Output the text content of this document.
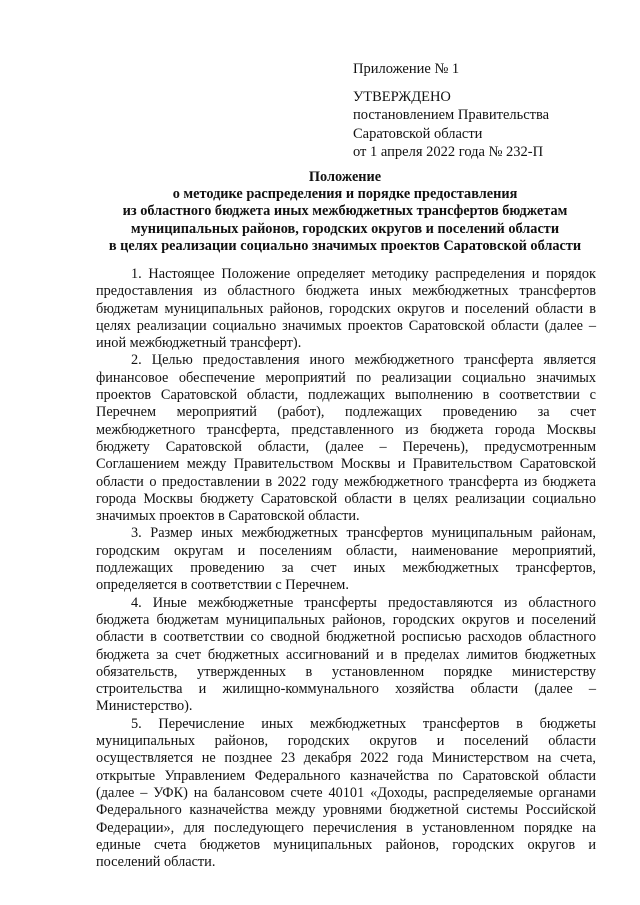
Приложение № 1
УТВЕРЖДЕНО
постановлением Правительства
Саратовской области
от 1 апреля 2022 года № 232-П
Положение
о методике распределения и порядке предоставления
из областного бюджета иных межбюджетных трансфертов бюджетам
муниципальных районов, городских округов и поселений области
в целях реализации социально значимых проектов Саратовской области

1. Настоящее Положение определяет методику распределения и порядок предоставления из областного бюджета иных межбюджетных трансфертов бюджетам муниципальных районов, городских округов и поселений области в целях реализации социально значимых проектов Саратовской области (далее – иной межбюджетный трансферт).

2. Целью предоставления иного межбюджетного трансферта является финансовое обеспечение мероприятий по реализации социально значимых проектов Саратовской области, подлежащих выполнению в соответствии с Перечнем мероприятий (работ), подлежащих проведению за счет межбюджетного трансферта, представленного из бюджета города Москвы бюджету Саратовской области, (далее – Перечень), предусмотренным Соглашением между Правительством Москвы и Правительством Саратовской области о предоставлении в 2022 году межбюджетного трансферта из бюджета города Москвы бюджету Саратовской области в целях реализации социально значимых проектов в Саратовской области.

3. Размер иных межбюджетных трансфертов муниципальным районам, городским округам и поселениям области, наименование мероприятий, подлежащих проведению за счет иных межбюджетных трансфертов, определяется в соответствии с Перечнем.

4. Иные межбюджетные трансферты предоставляются из областного бюджета бюджетам муниципальных районов, городских округов и поселений области в соответствии со сводной бюджетной росписью расходов областного бюджета за счет бюджетных ассигнований и в пределах лимитов бюджетных обязательств, утвержденных в установленном порядке министерству строительства и жилищно-коммунального хозяйства области (далее – Министерство).

5. Перечисление иных межбюджетных трансфертов в бюджеты муниципальных районов, городских округов и поселений области осуществляется не позднее 23 декабря 2022 года Министерством на счета, открытые Управлением Федерального казначейства по Саратовской области (далее – УФК) на балансовом счете 40101 «Доходы, распределяемые органами Федерального казначейства между уровнями бюджетной системы Российской Федерации», для последующего перечисления в установленном порядке на единые счета бюджетов муниципальных районов, городских округов и поселений области.
